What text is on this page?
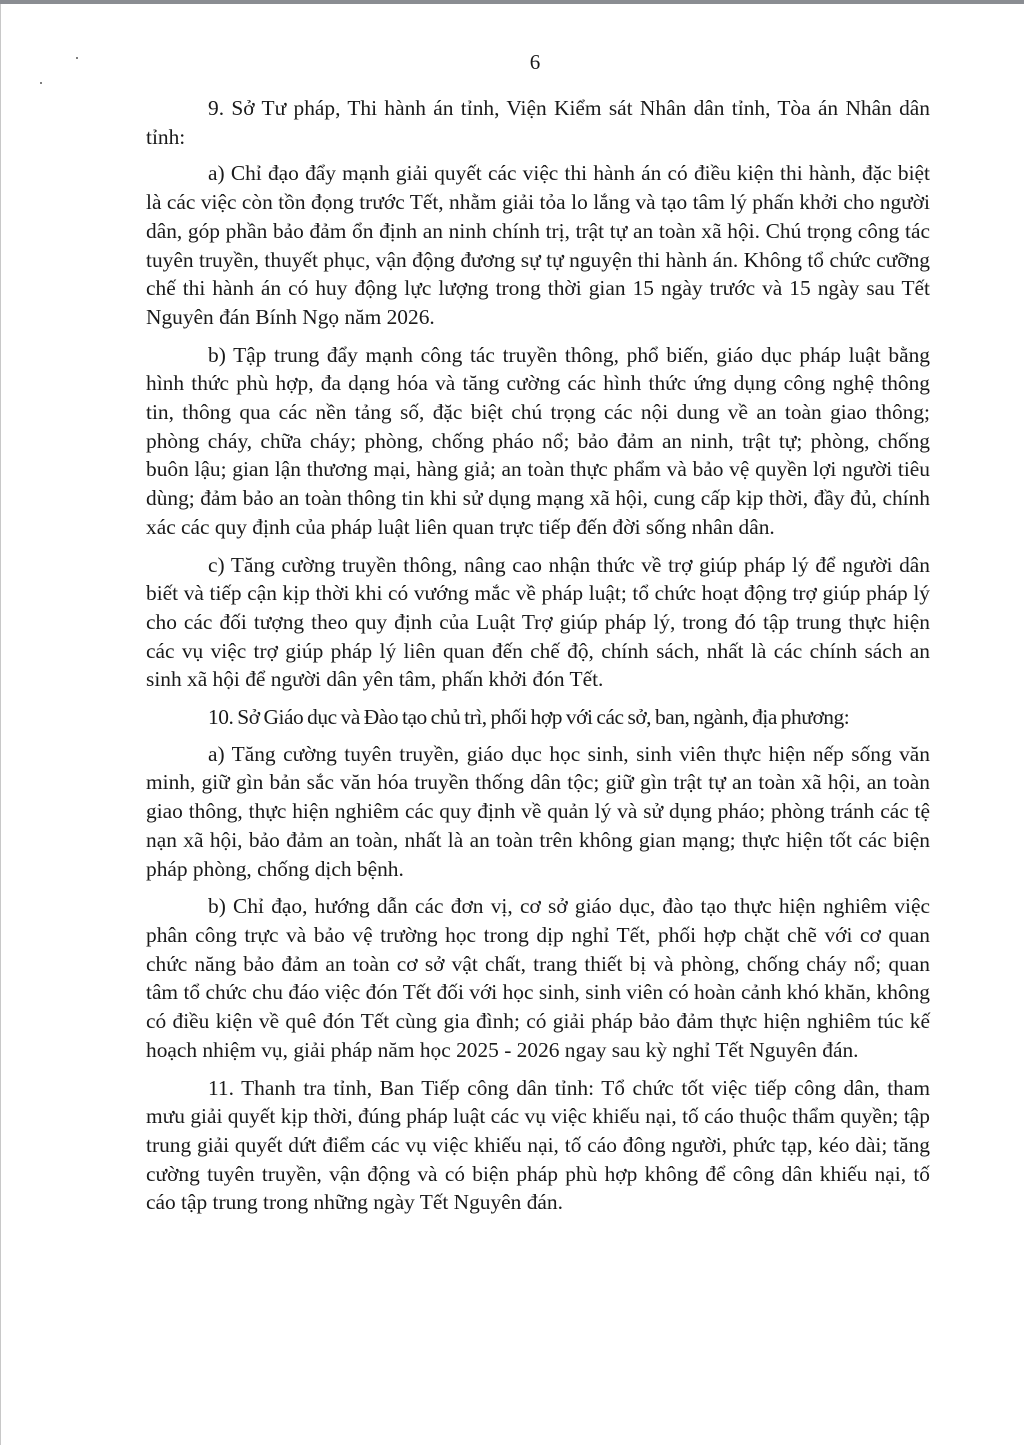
6

9. Sở Tư pháp, Thi hành án tỉnh, Viện Kiểm sát Nhân dân tỉnh, Tòa án Nhân dân tỉnh:

a) Chỉ đạo đẩy mạnh giải quyết các việc thi hành án có điều kiện thi hành, đặc biệt là các việc còn tồn đọng trước Tết, nhằm giải tỏa lo lắng và tạo tâm lý phấn khởi cho người dân, góp phần bảo đảm ổn định an ninh chính trị, trật tự an toàn xã hội. Chú trọng công tác tuyên truyền, thuyết phục, vận động đương sự tự nguyện thi hành án. Không tổ chức cưỡng chế thi hành án có huy động lực lượng trong thời gian 15 ngày trước và 15 ngày sau Tết Nguyên đán Bính Ngọ năm 2026.

b) Tập trung đẩy mạnh công tác truyền thông, phổ biến, giáo dục pháp luật bằng hình thức phù hợp, đa dạng hóa và tăng cường các hình thức ứng dụng công nghệ thông tin, thông qua các nền tảng số, đặc biệt chú trọng các nội dung về an toàn giao thông; phòng cháy, chữa cháy; phòng, chống pháo nổ; bảo đảm an ninh, trật tự; phòng, chống buôn lậu; gian lận thương mại, hàng giả; an toàn thực phẩm và bảo vệ quyền lợi người tiêu dùng; đảm bảo an toàn thông tin khi sử dụng mạng xã hội, cung cấp kịp thời, đầy đủ, chính xác các quy định của pháp luật liên quan trực tiếp đến đời sống nhân dân.

c) Tăng cường truyền thông, nâng cao nhận thức về trợ giúp pháp lý để người dân biết và tiếp cận kịp thời khi có vướng mắc về pháp luật; tổ chức hoạt động trợ giúp pháp lý cho các đối tượng theo quy định của Luật Trợ giúp pháp lý, trong đó tập trung thực hiện các vụ việc trợ giúp pháp lý liên quan đến chế độ, chính sách, nhất là các chính sách an sinh xã hội để người dân yên tâm, phấn khởi đón Tết.

10. Sở Giáo dục và Đào tạo chủ trì, phối hợp với các sở, ban, ngành, địa phương:

a) Tăng cường tuyên truyền, giáo dục học sinh, sinh viên thực hiện nếp sống văn minh, giữ gìn bản sắc văn hóa truyền thống dân tộc; giữ gìn trật tự an toàn xã hội, an toàn giao thông, thực hiện nghiêm các quy định về quản lý và sử dụng pháo; phòng tránh các tệ nạn xã hội, bảo đảm an toàn, nhất là an toàn trên không gian mạng; thực hiện tốt các biện pháp phòng, chống dịch bệnh.

b) Chỉ đạo, hướng dẫn các đơn vị, cơ sở giáo dục, đào tạo thực hiện nghiêm việc phân công trực và bảo vệ trường học trong dịp nghỉ Tết, phối hợp chặt chẽ với cơ quan chức năng bảo đảm an toàn cơ sở vật chất, trang thiết bị và phòng, chống cháy nổ; quan tâm tổ chức chu đáo việc đón Tết đối với học sinh, sinh viên có hoàn cảnh khó khăn, không có điều kiện về quê đón Tết cùng gia đình; có giải pháp bảo đảm thực hiện nghiêm túc kế hoạch nhiệm vụ, giải pháp năm học 2025 - 2026 ngay sau kỳ nghỉ Tết Nguyên đán.

11. Thanh tra tỉnh, Ban Tiếp công dân tỉnh: Tổ chức tốt việc tiếp công dân, tham mưu giải quyết kịp thời, đúng pháp luật các vụ việc khiếu nại, tố cáo thuộc thẩm quyền; tập trung giải quyết dứt điểm các vụ việc khiếu nại, tố cáo đông người, phức tạp, kéo dài; tăng cường tuyên truyền, vận động và có biện pháp phù hợp không để công dân khiếu nại, tố cáo tập trung trong những ngày Tết Nguyên đán.
